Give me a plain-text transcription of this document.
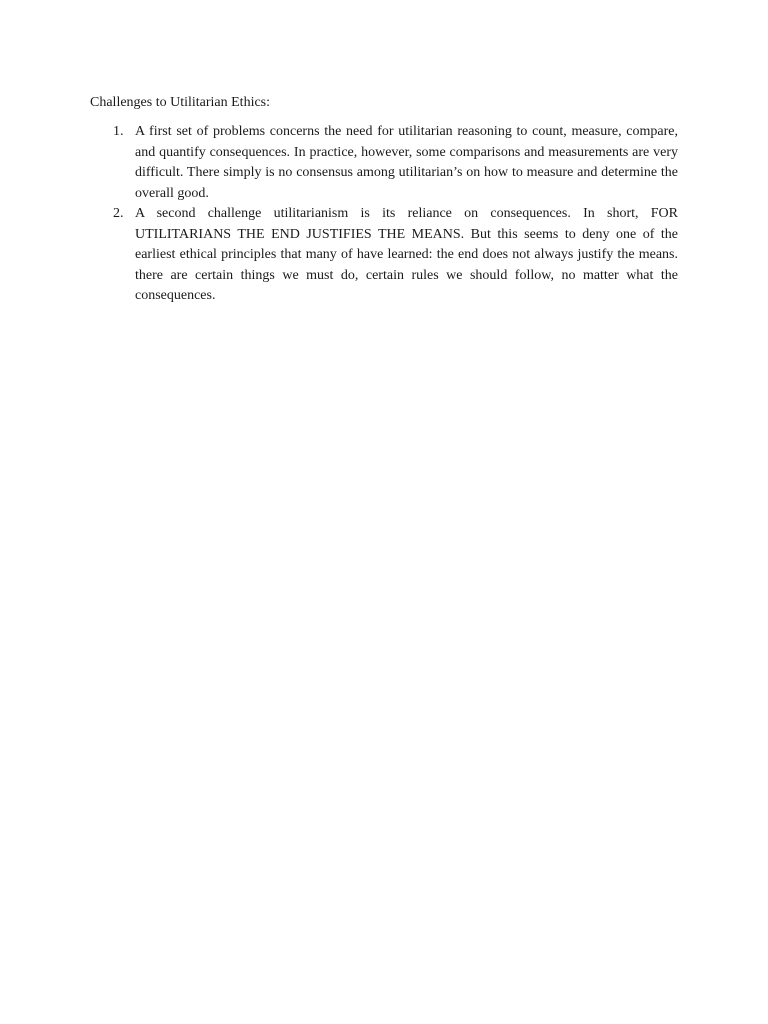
Challenges to Utilitarian Ethics:
1. A first set of problems concerns the need for utilitarian reasoning to count, measure, compare, and quantify consequences. In practice, however, some comparisons and measurements are very difficult. There simply is no consensus among utilitarian’s on how to measure and determine the overall good.
2. A second challenge utilitarianism is its reliance on consequences. In short, FOR UTILITARIANS THE END JUSTIFIES THE MEANS. But this seems to deny one of the earliest ethical principles that many of have learned: the end does not always justify the means. there are certain things we must do, certain rules we should follow, no matter what the consequences.
